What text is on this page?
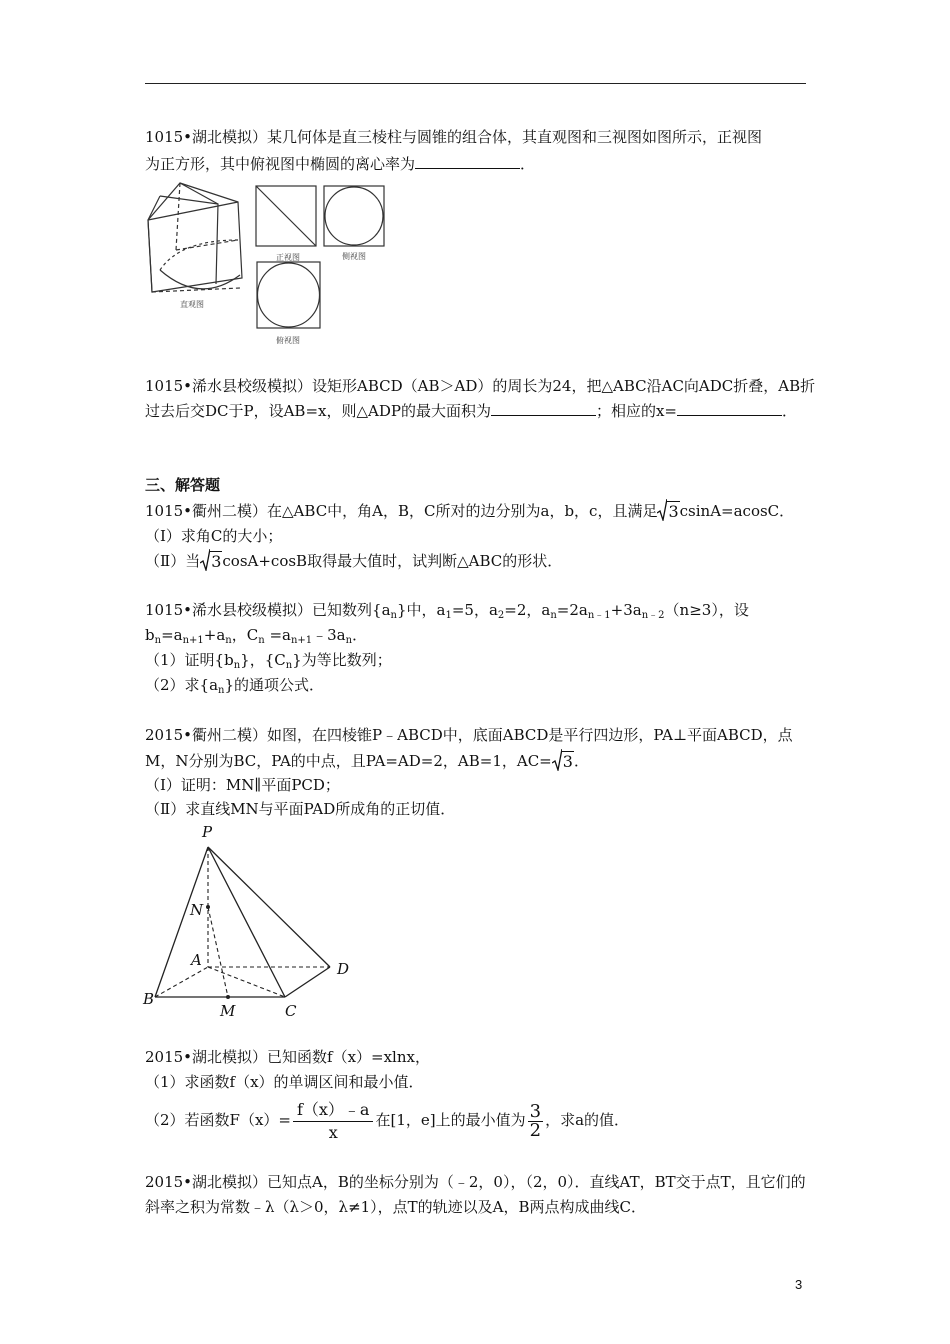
1015•湖北模拟）某几何体是直三棱柱与圆锥的组合体，其直观图和三视图如图所示，正视图
为正方形，其中俯视图中椭圆的离心率为	．
直观图
正视图	侧视图
俯视图
1015•浠水县校级模拟）设矩形ABCD（AB＞AD）的周长为24，把△ABC沿AC向ADC折叠，AB折
过去后交DC于P，设AB=x，则△ADP的最大面积为	；相应的x=	．
三、解答题
1015•衢州二模）在△ABC中，角A，B，C所对的边分别为a，b，c，且满足 3 csinA=acosC．
（Ⅰ）求角C的大小；
（Ⅱ）当 3 cosA+cosB取得最大值时，试判断△ABC的形状．
1015•浠水县校级模拟）已知数列$\{a_n\}$中，$a_1=5$，$a_2=2$，$a_n=2a_{n﹣1}+3a_{n﹣2}(n\ge 3)$，设
$b_n=a_{n+1}+a_n$，$C_n$ $=a_{n+1}﹣3a_n$．
（1）证明$\{b_n\}$，$\{C_n\}$为等比数列；
（2）求$\{a_n\}$的通项公式．
2015•衢州二模）如图，在四棱锥P﹣ABCD中，底面ABCD是平行四边形，PA⊥平面ABCD，点
M，N分别为BC，PA的中点，且PA=AD=2，AB=1，AC= 3 ．
（Ⅰ）证明：MN∥平面PCD；
（Ⅱ）求直线MN与平面PAD所成角的正切值．
P
N
A
B
M	C
D
2015•湖北模拟）已知函数f（x）=xlnx，
（1）求函数f（x）的单调区间和最小值．
（2）若函数$F(x)= \frac{f(x)﹣a}{x}$ 在[1，e]上的最小值为 $\frac{3}{2}$ ，求a的值．
2015•湖北模拟）已知点A，B的坐标分别为（﹣2，0），（2，0）．直线AT，BT交于点T，且它们的
斜率之积为常数﹣λ（λ＞0，λ≠1），点T的轨迹以及A，B两点构成曲线C．
3
